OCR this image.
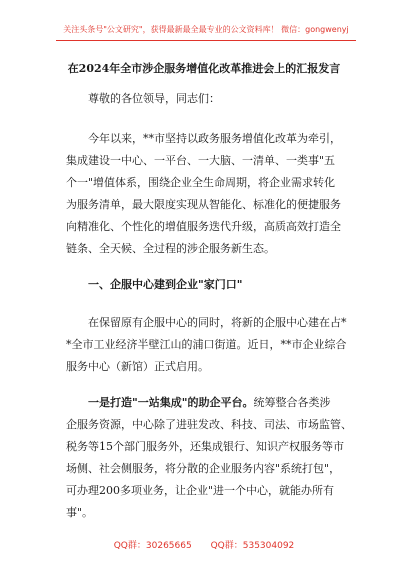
关注头条号"公文研究"，获得最新最全最专业的公文资料库！ 微信：gongwenyj
在2024年全市涉企服务增值化改革推进会上的汇报发言
尊敬的各位领导，同志们：
今年以来，**市坚持以政务服务增值化改革为牵引，
集成建设一中心、一平台、一大脑、一清单、一类事"五
个一"增值体系，围绕企业全生命周期，将企业需求转化
为服务清单，最大限度实现从智能化、标准化的便捷服务
向精准化、个性化的增值服务迭代升级，高质高效打造全
链条、全天候、全过程的涉企服务新生态。
一、企服中心建到企业"家门口"
在保留原有企服中心的同时，将新的企服中心建在占*
*全市工业经济半壁江山的浦口街道。近日，**市企业综合
服务中心（新馆）正式启用。
一是打造"一站集成"的助企平台。统筹整合各类涉
企服务资源，中心除了进驻发改、科技、司法、市场监管、
税务等15个部门服务外，还集成银行、知识产权服务等市
场侧、社会侧服务，将分散的企业服务内容"系统打包"，
可办理200多项业务，让企业"进一个中心，就能办所有
事"。
QQ群：30265665 QQ群：535304092
